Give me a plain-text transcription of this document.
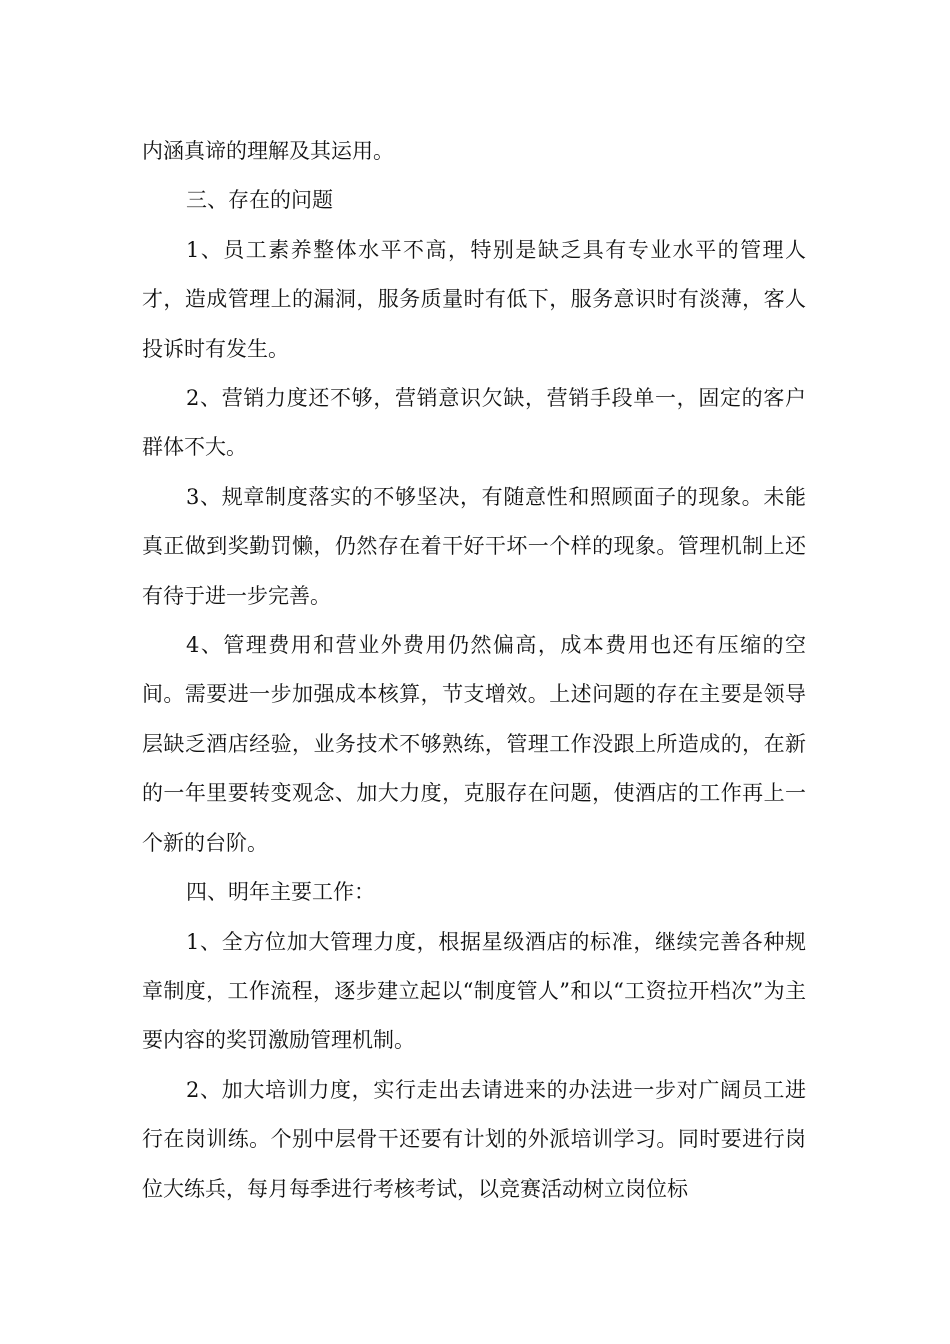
内涵真谛的理解及其运用。

三、存在的问题

1、员工素养整体水平不高，特别是缺乏具有专业水平的管理人才，造成管理上的漏洞，服务质量时有低下，服务意识时有淡薄，客人投诉时有发生。

2、营销力度还不够，营销意识欠缺，营销手段单一，固定的客户群体不大。

3、规章制度落实的不够坚决，有随意性和照顾面子的现象。未能真正做到奖勤罚懒，仍然存在着干好干坏一个样的现象。管理机制上还有待于进一步完善。

4、管理费用和营业外费用仍然偏高，成本费用也还有压缩的空间。需要进一步加强成本核算，节支增效。上述问题的存在主要是领导层缺乏酒店经验，业务技术不够熟练，管理工作没跟上所造成的，在新的一年里要转变观念、加大力度，克服存在问题，使酒店的工作再上一个新的台阶。

四、明年主要工作：

1、全方位加大管理力度，根据星级酒店的标准，继续完善各种规章制度，工作流程，逐步建立起以“制度管人”和以“工资拉开档次”为主要内容的奖罚激励管理机制。

2、加大培训力度，实行走出去请进来的办法进一步对广阔员工进行在岗训练。个别中层骨干还要有计划的外派培训学习。同时要进行岗位大练兵，每月每季进行考核考试，以竞赛活动树立岗位标
